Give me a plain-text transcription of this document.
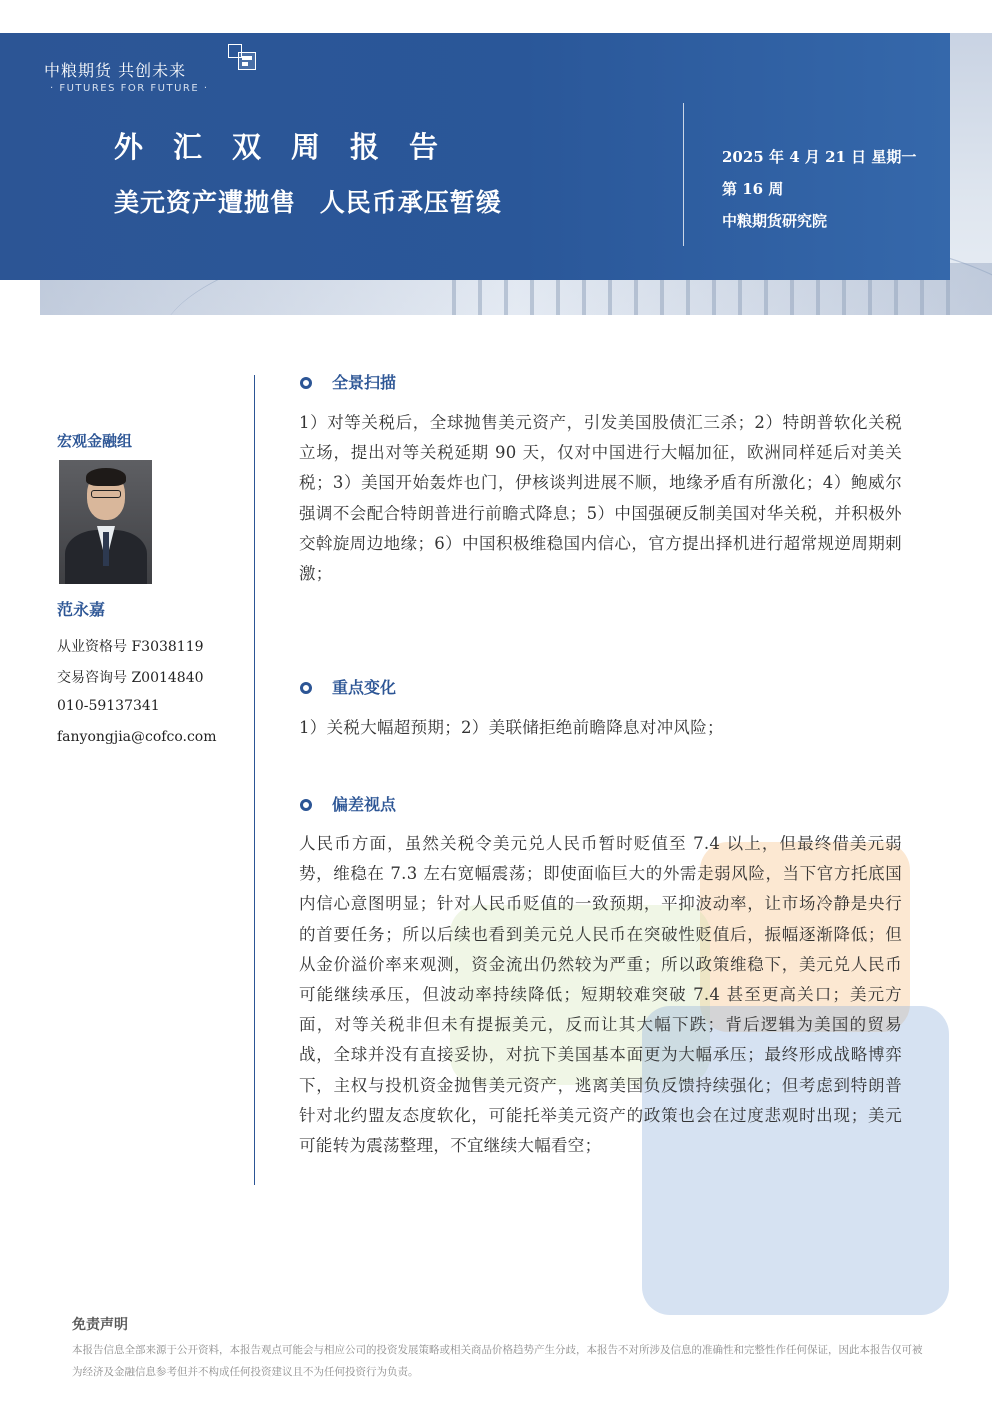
中粮期货 共创未来
· FUTURES FOR FUTURE ·
外汇双周报告
美元资产遭抛售 人民币承压暂缓
2025 年 4 月 21 日 星期一
第 16 周
中粮期货研究院
宏观金融组
范永嘉
从业资格号 F3038119
交易咨询号 Z0014840
010-59137341
fanyongjia@cofco.com
全景扫描
1）对等关税后，全球抛售美元资产，引发美国股债汇三杀；2）特朗普软化关税立场，提出对等关税延期 90 天，仅对中国进行大幅加征，欧洲同样延后对美关税；3）美国开始轰炸也门，伊核谈判进展不顺，地缘矛盾有所激化；4）鲍威尔强调不会配合特朗普进行前瞻式降息；5）中国强硬反制美国对华关税，并积极外交斡旋周边地缘；6）中国积极维稳国内信心，官方提出择机进行超常规逆周期刺激；
重点变化
1）关税大幅超预期；2）美联储拒绝前瞻降息对冲风险；
偏差视点
人民币方面，虽然关税令美元兑人民币暂时贬值至 7.4 以上，但最终借美元弱势，维稳在 7.3 左右宽幅震荡；即使面临巨大的外需走弱风险，当下官方托底国内信心意图明显；针对人民币贬值的一致预期，平抑波动率，让市场冷静是央行的首要任务；所以后续也看到美元兑人民币在突破性贬值后，振幅逐渐降低；但从金价溢价率来观测，资金流出仍然较为严重；所以政策维稳下，美元兑人民币可能继续承压，但波动率持续降低；短期较难突破 7.4 甚至更高关口；美元方面，对等关税非但未有提振美元，反而让其大幅下跌；背后逻辑为美国的贸易战，全球并没有直接妥协，对抗下美国基本面更为大幅承压；最终形成战略博弈下，主权与投机资金抛售美元资产，逃离美国负反馈持续强化；但考虑到特朗普针对北约盟友态度软化，可能托举美元资产的政策也会在过度悲观时出现；美元可能转为震荡整理，不宜继续大幅看空；
免责声明
本报告信息全部来源于公开资料，本报告观点可能会与相应公司的投资发展策略或相关商品价格趋势产生分歧，本报告不对所涉及信息的准确性和完整性作任何保证，因此本报告仅可被为经济及金融信息参考但并不构成任何投资建议且不为任何投资行为负责。
